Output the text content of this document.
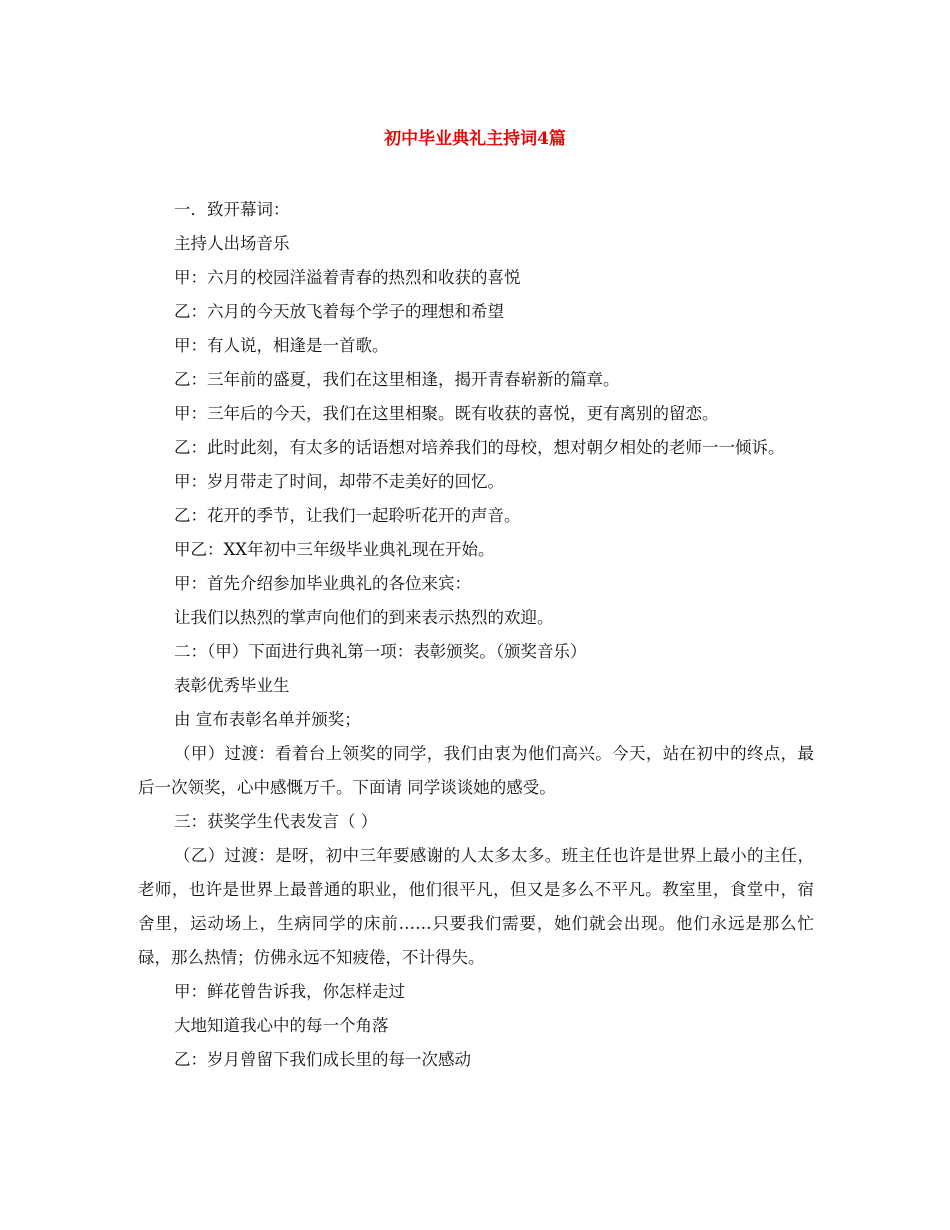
初中毕业典礼主持词4篇

一．致开幕词：

主持人出场音乐

甲：六月的校园洋溢着青春的热烈和收获的喜悦

乙：六月的今天放飞着每个学子的理想和希望

甲：有人说，相逢是一首歌。

乙：三年前的盛夏，我们在这里相逢，揭开青春崭新的篇章。

甲：三年后的今天，我们在这里相聚。既有收获的喜悦，更有离别的留恋。

乙：此时此刻，有太多的话语想对培养我们的母校，想对朝夕相处的老师一一倾诉。

甲：岁月带走了时间，却带不走美好的回忆。

乙：花开的季节，让我们一起聆听花开的声音。

甲乙：XX年初中三年级毕业典礼现在开始。

甲：首先介绍参加毕业典礼的各位来宾：

让我们以热烈的掌声向他们的到来表示热烈的欢迎。

二：（甲）下面进行典礼第一项：表彰颁奖。（颁奖音乐）

表彰优秀毕业生

由 宣布表彰名单并颁奖；

（甲）过渡：看着台上领奖的同学，我们由衷为他们高兴。今天，站在初中的终点，最后一次领奖，心中感慨万千。下面请 同学谈谈她的感受。

三：获奖学生代表发言（ ）

（乙）过渡：是呀，初中三年要感谢的人太多太多。班主任也许是世界上最小的主任，老师，也许是世界上最普通的职业，他们很平凡，但又是多么不平凡。教室里，食堂中，宿舍里，运动场上，生病同学的床前……只要我们需要，她们就会出现。他们永远是那么忙碌，那么热情；仿佛永远不知疲倦，不计得失。

甲：鲜花曾告诉我，你怎样走过

大地知道我心中的每一个角落

乙：岁月曾留下我们成长里的每一次感动
